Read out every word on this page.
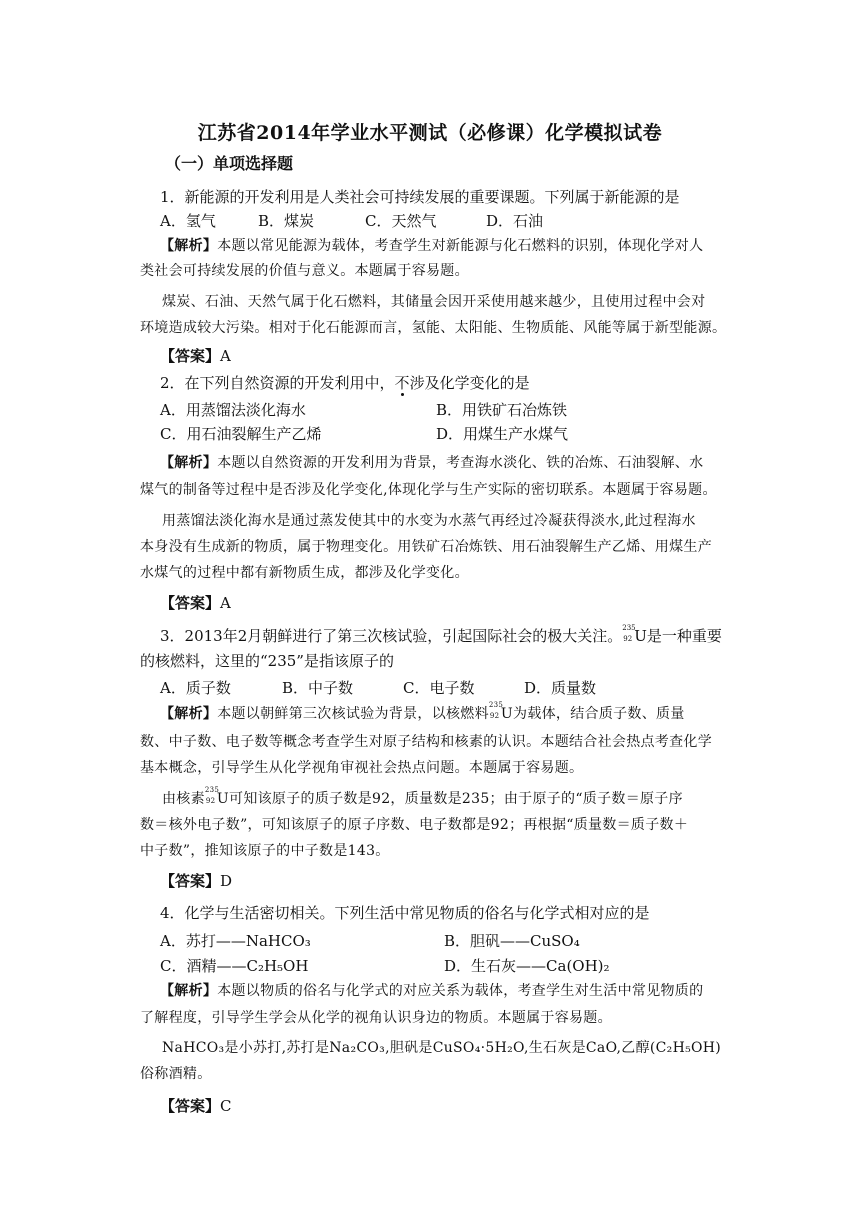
江苏省2014年学业水平测试（必修课）化学模拟试卷
（一）单项选择题
1．新能源的开发利用是人类社会可持续发展的重要课题。下列属于新能源的是
A．氢气	B．煤炭	C．天然气	D．石油
【解析】本题以常见能源为载体，考查学生对新能源与化石燃料的识别，体现化学对人
类社会可持续发展的价值与意义。本题属于容易题。
煤炭、石油、天然气属于化石燃料，其储量会因开采使用越来越少，且使用过程中会对
环境造成较大污染。相对于化石能源而言，氢能、太阳能、生物质能、风能等属于新型能源。
【答案】A
2．在下列自然资源的开发利用中，不涉及化学变化的是
A．用蒸馏法淡化海水	B．用铁矿石冶炼铁
C．用石油裂解生产乙烯	D．用煤生产水煤气
【解析】本题以自然资源的开发利用为背景，考查海水淡化、铁的冶炼、石油裂解、水
煤气的制备等过程中是否涉及化学变化,体现化学与生产实际的密切联系。本题属于容易题。
用蒸馏法淡化海水是通过蒸发使其中的水变为水蒸气再经过冷凝获得淡水,此过程海水
本身没有生成新的物质，属于物理变化。用铁矿石冶炼铁、用石油裂解生产乙烯、用煤生产
水煤气的过程中都有新物质生成，都涉及化学变化。
【答案】A
3．2013年2月朝鲜进行了第三次核试验，引起国际社会的极大关注。 235
92 U是一种重要
的核燃料，这里的“235”是指该原子的
A．质子数	B．中子数	C．电子数	D．质量数
【解析】本题以朝鲜第三次核试验为背景，以核燃料
235
92 U为载体，结合质子数、质量
数、中子数、电子数等概念考查学生对原子结构和核素的认识。本题结合社会热点考查化学
基本概念，引导学生从化学视角审视社会热点问题。本题属于容易题。
由核素
235
92 U可知该原子的质子数是92，质量数是235；由于原子的“质子数＝原子序
数＝核外电子数”，可知该原子的原子序数、电子数都是92；再根据“质量数＝质子数＋
中子数”，推知该原子的中子数是143。
【答案】D
4．化学与生活密切相关。下列生活中常见物质的俗名与化学式相对应的是
A．苏打——NaHCO₃	B．胆矾——CuSO₄
C．酒精——C₂H₅OH	D．生石灰——Ca(OH)₂
【解析】本题以物质的俗名与化学式的对应关系为载体，考查学生对生活中常见物质的
了解程度，引导学生学会从化学的视角认识身边的物质。本题属于容易题。
NaHCO₃是小苏打,苏打是Na₂CO₃,胆矾是CuSO₄·5H₂O,生石灰是CaO,乙醇(C₂H₅OH)
俗称酒精。
【答案】C
